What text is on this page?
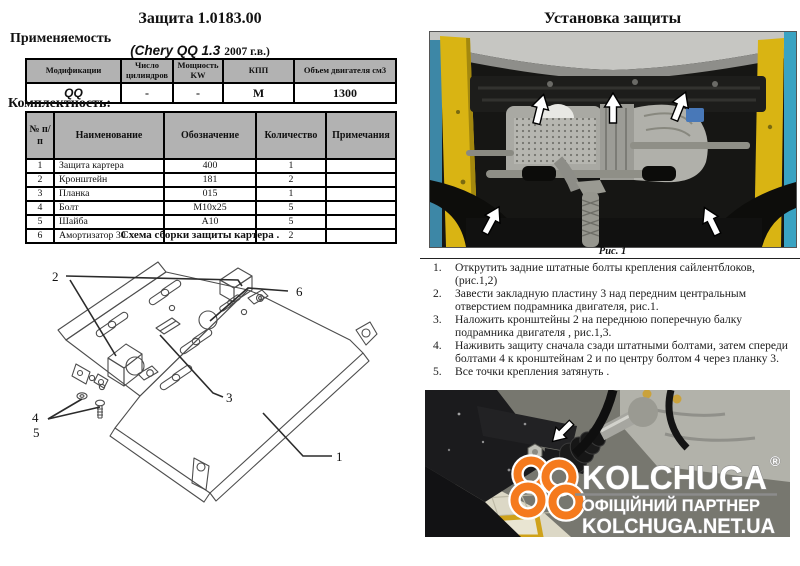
Защита 1.0183.00
Применяемость
(Chery QQ 1.3 2007 г.в.)
Модификации	Число цилиндров	Мощность KW	КПП	Объем двигателя см3
QQ	-	-	М	1300
Комплектность:
№ п/п	Наименование	Обозначение	Количество	Примечания
1	Защита картера	400	1	
2	Кронштейн	181	2	
3	Планка	015	1	
4	Болт	М10х25	5	
5	Шайба	А10	5	
6	Амортизатор 30		2	
Схема сборки защиты картера .
2
6
3
4
5
1
Установка защиты
Рис. 1
1.	Открутить задние штатные болты крепления сайлентблоков, (рис.1,2)
2.	Завести закладную пластину 3 над передним центральным отверстием подрамника двигателя, рис.1.
3.	Наложить кронштейны 2 на переднюю поперечную балку подрамника двигателя , рис.1,3.
4.	Наживить защиту сначала сзади штатными болтами, затем спереди болтами 4 к кронштейнам 2 и по центру болтом 4 через планку 3.
5.	Все точки крепления затянуть .
KOLCHUGA ®
ОФІЦІЙНИЙ ПАРТНЕР
KOLCHUGA.NET.UA
